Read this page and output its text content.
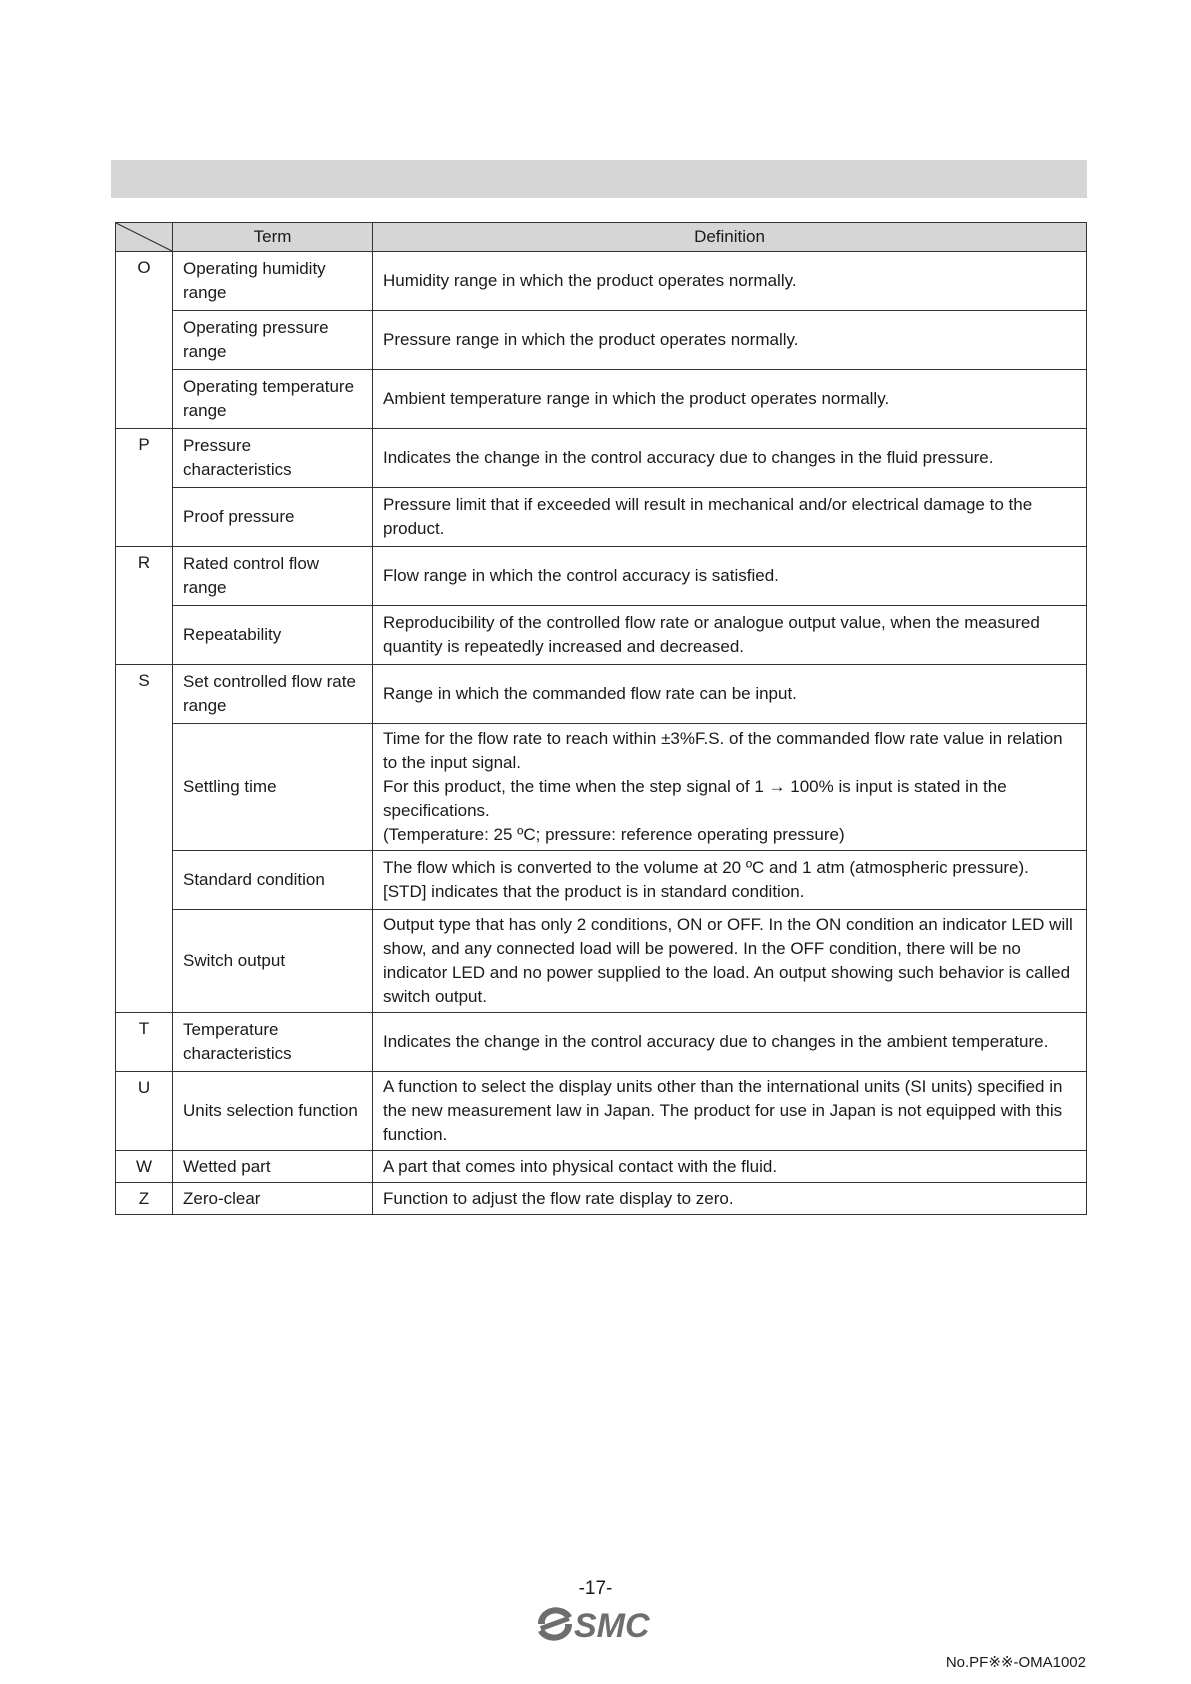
	Term	Definition
O	Operating humidity range	Humidity range in which the product operates normally.

	Operating pressure range	Pressure range in which the product operates normally.

	Operating temperature range	Ambient temperature range in which the product operates normally.

P	Pressure characteristics	Indicates the change in the control accuracy due to changes in the fluid pressure.

	Proof pressure	Pressure limit that if exceeded will result in mechanical and/or electrical damage to the product.

R	Rated control flow range	Flow range in which the control accuracy is satisfied.

	Repeatability	Reproducibility of the controlled flow rate or analogue output value, when the measured quantity is repeatedly increased and decreased.

S	Set controlled flow rate range	Range in which the commanded flow rate can be input.

	Settling time	Time for the flow rate to reach within ±3%F.S. of the commanded flow rate value in relation to the input signal.
For this product, the time when the step signal of 1 → 100% is input is stated in the specifications.
(Temperature: 25 ºC; pressure: reference operating pressure)

	Standard condition	The flow which is converted to the volume at 20 ºC and 1 atm (atmospheric pressure).
[STD] indicates that the product is in standard condition.

	Switch output	Output type that has only 2 conditions, ON or OFF. In the ON condition an indicator LED will show, and any connected load will be powered. In the OFF condition, there will be no indicator LED and no power supplied to the load. An output showing such behavior is called switch output.

T	Temperature characteristics	Indicates the change in the control accuracy due to changes in the ambient temperature.

U	Units selection function	A function to select the display units other than the international units (SI units) specified in the new measurement law in Japan. The product for use in Japan is not equipped with this function.

W	Wetted part	A part that comes into physical contact with the fluid.

Z	Zero-clear	Function to adjust the flow rate display to zero.
-17-
SMC
No.PF※※-OMA1002
